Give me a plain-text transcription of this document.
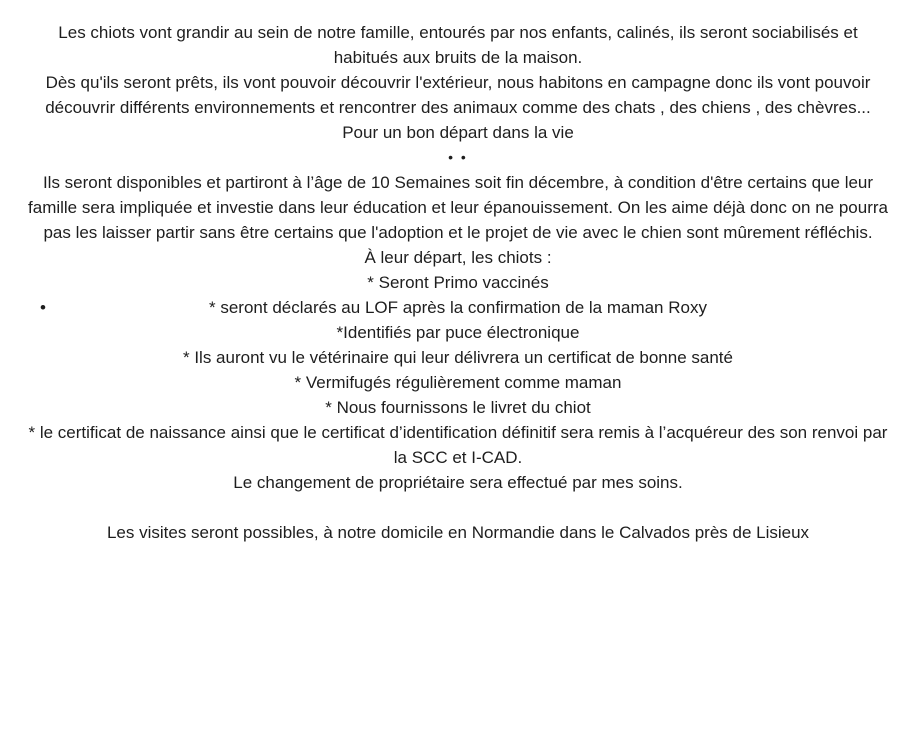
Les chiots vont grandir au sein de notre famille, entourés par nos enfants, calinés, ils seront sociabilisés et habitués aux bruits de la maison.

Dès qu'ils seront prêts, ils vont pouvoir découvrir l'extérieur, nous habitons en campagne donc ils vont pouvoir découvrir différents environnements et rencontrer des animaux comme des chats , des chiens , des chèvres...

Pour un bon départ dans la vie

• •

Ils seront disponibles et partiront à l’âge de 10 Semaines soit fin décembre, à condition d'être certains que leur famille sera impliquée et investie dans leur éducation et leur épanouissement. On les aime déjà donc on ne pourra pas les laisser partir sans être certains que l'adoption et le projet de vie avec le chien sont mûrement réfléchis.

À leur départ, les chiots :

* Seront Primo vaccinés

•	* seront déclarés au LOF après la confirmation de la maman Roxy

*Identifiés par puce électronique

* Ils auront vu le vétérinaire qui leur délivrera un certificat de bonne santé

* Vermifugés régulièrement comme maman

* Nous fournissons le livret du chiot

* le certificat de naissance ainsi que le certificat d’identification définitif sera remis à l’acquéreur des son renvoi par la SCC et I-CAD.

Le changement de propriétaire sera effectué par mes soins.

Les visites seront possibles, à notre domicile en Normandie dans le Calvados près de Lisieux
